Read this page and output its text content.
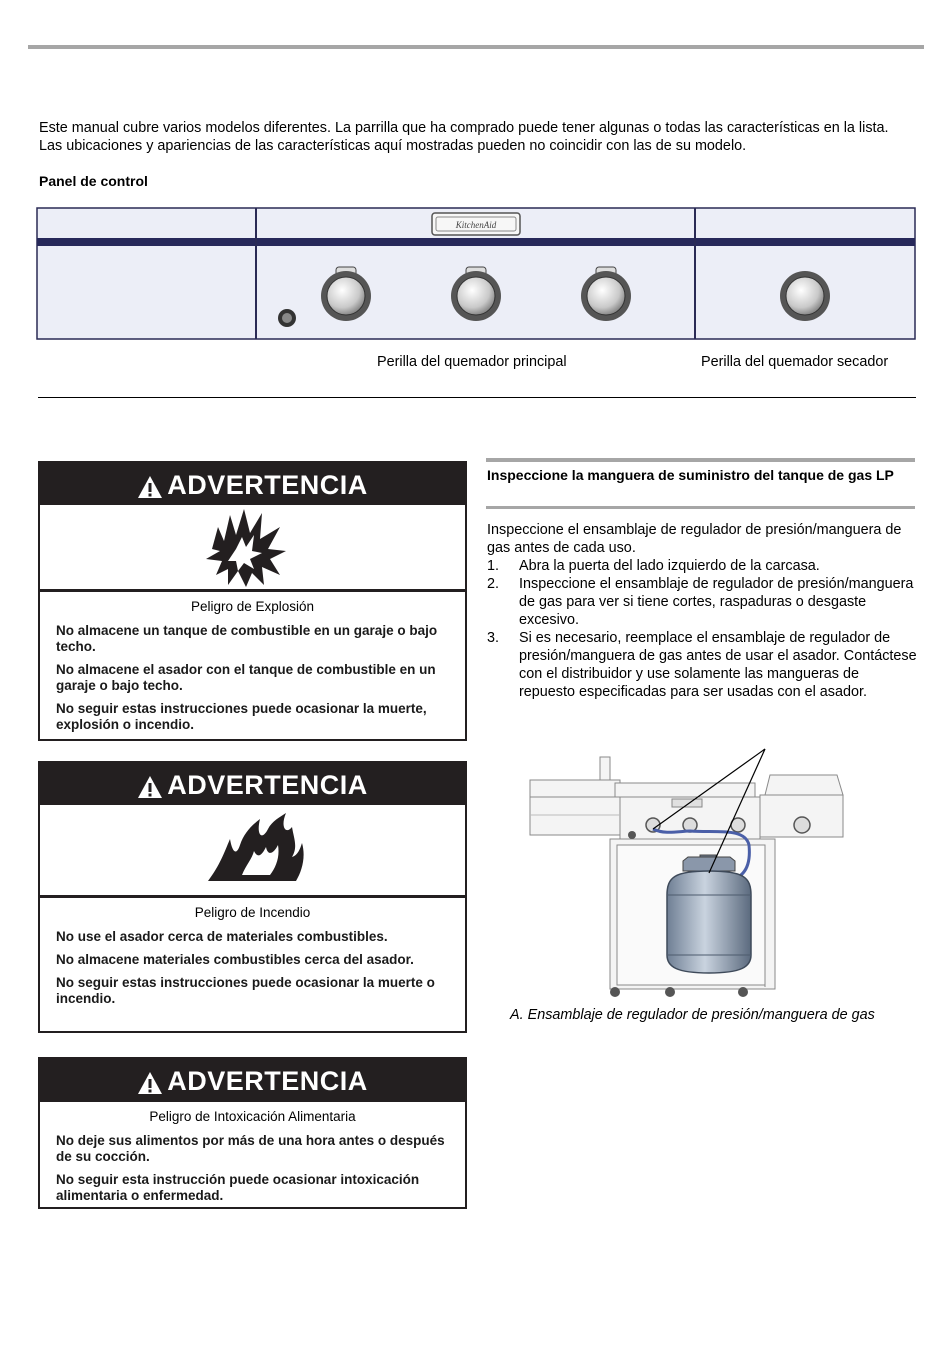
Este manual cubre varios modelos diferentes. La parrilla que ha comprado puede tener algunas o todas las características en la lista. Las ubicaciones y apariencias de las características aquí mostradas pueden no coincidir con las de su modelo.
Panel de control
KitchenAid
Perilla del quemador principal	Perilla del quemador secador
ADVERTENCIA
Peligro de Explosión
No almacene un tanque de combustible en un garaje o bajo techo.
No almacene el asador con el tanque de combustible en un garaje o bajo techo.
No seguir estas instrucciones puede ocasionar la muerte, explosión o incendio.
ADVERTENCIA
Peligro de Incendio
No use el asador cerca de materiales combustibles.
No almacene materiales combustibles cerca del asador.
No seguir estas instrucciones puede ocasionar la muerte o incendio.
ADVERTENCIA
Peligro de Intoxicación Alimentaria
No deje sus alimentos por más de una hora antes o después de su cocción.
No seguir esta instrucción puede ocasionar intoxicación alimentaria o enfermedad.
Inspeccione la manguera de suministro del tanque de gas LP
Inspeccione el ensamblaje de regulador de presión/manguera de gas antes de cada uso.
1. Abra la puerta del lado izquierdo de la carcasa.
2. Inspeccione el ensamblaje de regulador de presión/manguera de gas para ver si tiene cortes, raspaduras o desgaste excesivo.
3. Si es necesario, reemplace el ensamblaje de regulador de presión/manguera de gas antes de usar el asador. Contáctese con el distribuidor y use solamente las mangueras de repuesto especificadas para ser usadas con el asador.
A. Ensamblaje de regulador de presión/manguera de gas
